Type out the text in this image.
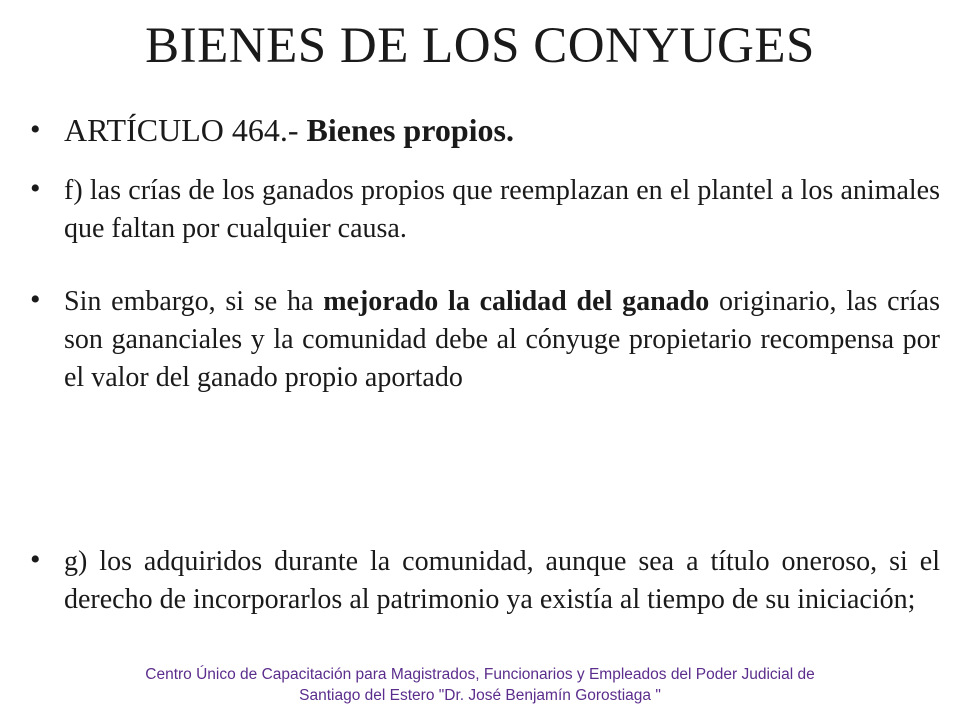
BIENES DE LOS CONYUGES
• ARTÍCULO 464.- Bienes propios.
• f) las crías de los ganados propios que reemplazan en el plantel a los animales que faltan por cualquier causa.
• Sin embargo, si se ha mejorado la calidad del ganado originario, las crías son gananciales y la comunidad debe al cónyuge propietario recompensa por el valor del ganado propio aportado
• g) los adquiridos durante la comunidad, aunque sea a título oneroso, si el derecho de incorporarlos al patrimonio ya existía al tiempo de su iniciación;
Centro Único de Capacitación para Magistrados, Funcionarios y Empleados del Poder Judicial de
Santiago del Estero "Dr. José Benjamín Gorostiaga "
